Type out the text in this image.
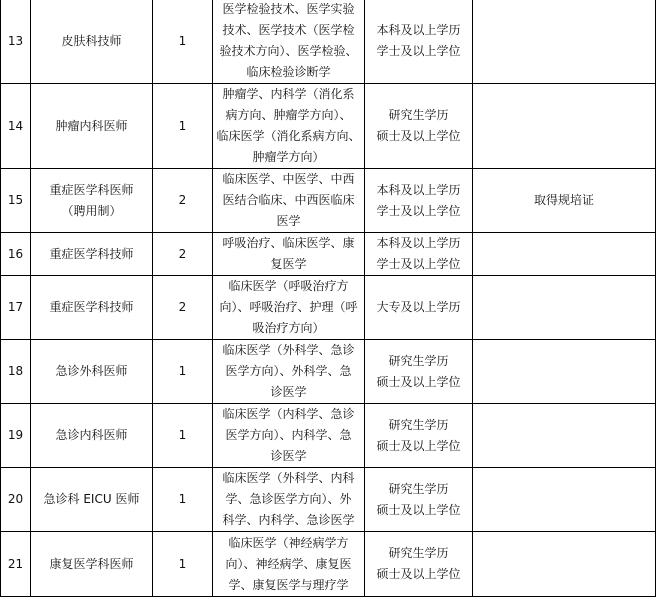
13	皮肤科技师	1	医学检验技术、医学实验
技术、医学技术（医学检
验技术方向）、医学检验、
临床检验诊断学	本科及以上学历
学士及以上学位	

14	肿瘤内科医师	1	肿瘤学、内科学（消化系
病方向、肿瘤学方向）、
临床医学（消化系病方向、
肿瘤学方向）	研究生学历
硕士及以上学位	

15	重症医学科医师
（聘用制）	2	临床医学、中医学、中西
医结合临床、中西医临床
医学	本科及以上学历
学士及以上学位	取得规培证
16	重症医学科技师	2	呼吸治疗、临床医学、康
复医学	本科及以上学历
学士及以上学位	

17	重症医学科技师	2	临床医学（呼吸治疗方
向）、呼吸治疗、护理（呼
吸治疗方向）	大专及以上学历	

18	急诊外科医师	1	临床医学（外科学、急诊
医学方向）、外科学、急
诊医学	研究生学历
硕士及以上学位	

19	急诊内科医师	1	临床医学（内科学、急诊
医学方向）、内科学、急
诊医学	研究生学历
硕士及以上学位	

20	急诊科 EICU 医师	1	临床医学（外科学、内科
学、急诊医学方向）、外
科学、内科学、急诊医学	研究生学历
硕士及以上学位	

21	康复医学科医师	1	临床医学（神经病学方
向）、神经病学、康复医
学、康复医学与理疗学	研究生学历
硕士及以上学位	
